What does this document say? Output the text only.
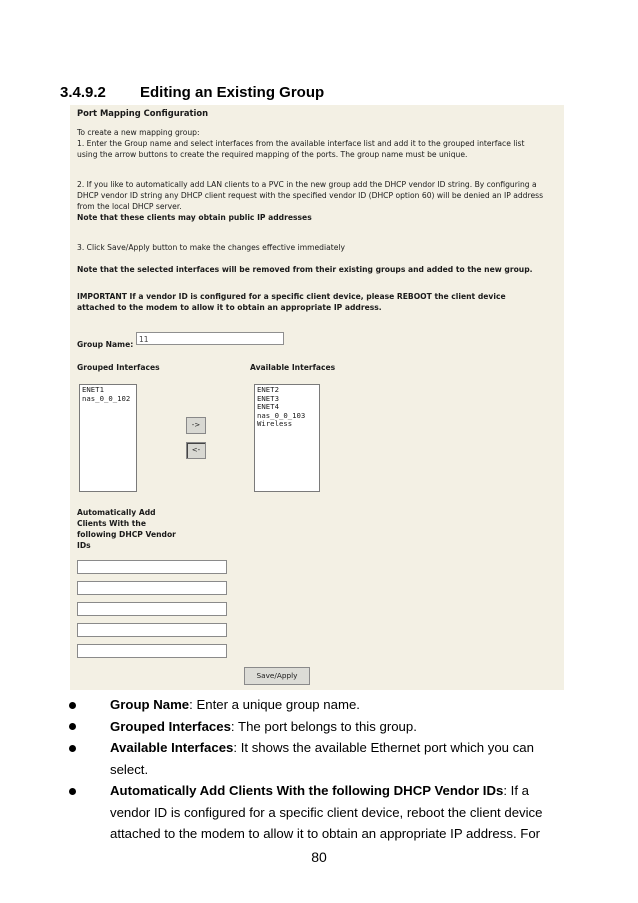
3.4.9.2 Editing an Existing Group
Port Mapping Configuration
To create a new mapping group:
1. Enter the Group name and select interfaces from the available interface list and add it to the grouped interface list
using the arrow buttons to create the required mapping of the ports. The group name must be unique.
2. If you like to automatically add LAN clients to a PVC in the new group add the DHCP vendor ID string. By configuring a
DHCP vendor ID string any DHCP client request with the specified vendor ID (DHCP option 60) will be denied an IP address
from the local DHCP server.
Note that these clients may obtain public IP addresses
3. Click Save/Apply button to make the changes effective immediately
Note that the selected interfaces will be removed from their existing groups and added to the new group.
IMPORTANT If a vendor ID is configured for a specific client device, please REBOOT the client device
attached to the modem to allow it to obtain an appropriate IP address.
Group Name:
11
Grouped Interfaces	Available Interfaces
ENET1
nas_0_0_102
ENET2
ENET3
ENET4
nas_0_0_103
Wireless
->
<-
Automatically Add
Clients With the
following DHCP Vendor
IDs
Save/Apply
Group Name: Enter a unique group name.
Grouped Interfaces: The port belongs to this group.
Available Interfaces: It shows the available Ethernet port which you can
select.
Automatically Add Clients With the following DHCP Vendor IDs: If a
vendor ID is configured for a specific client device, reboot the client device
attached to the modem to allow it to obtain an appropriate IP address. For
80
